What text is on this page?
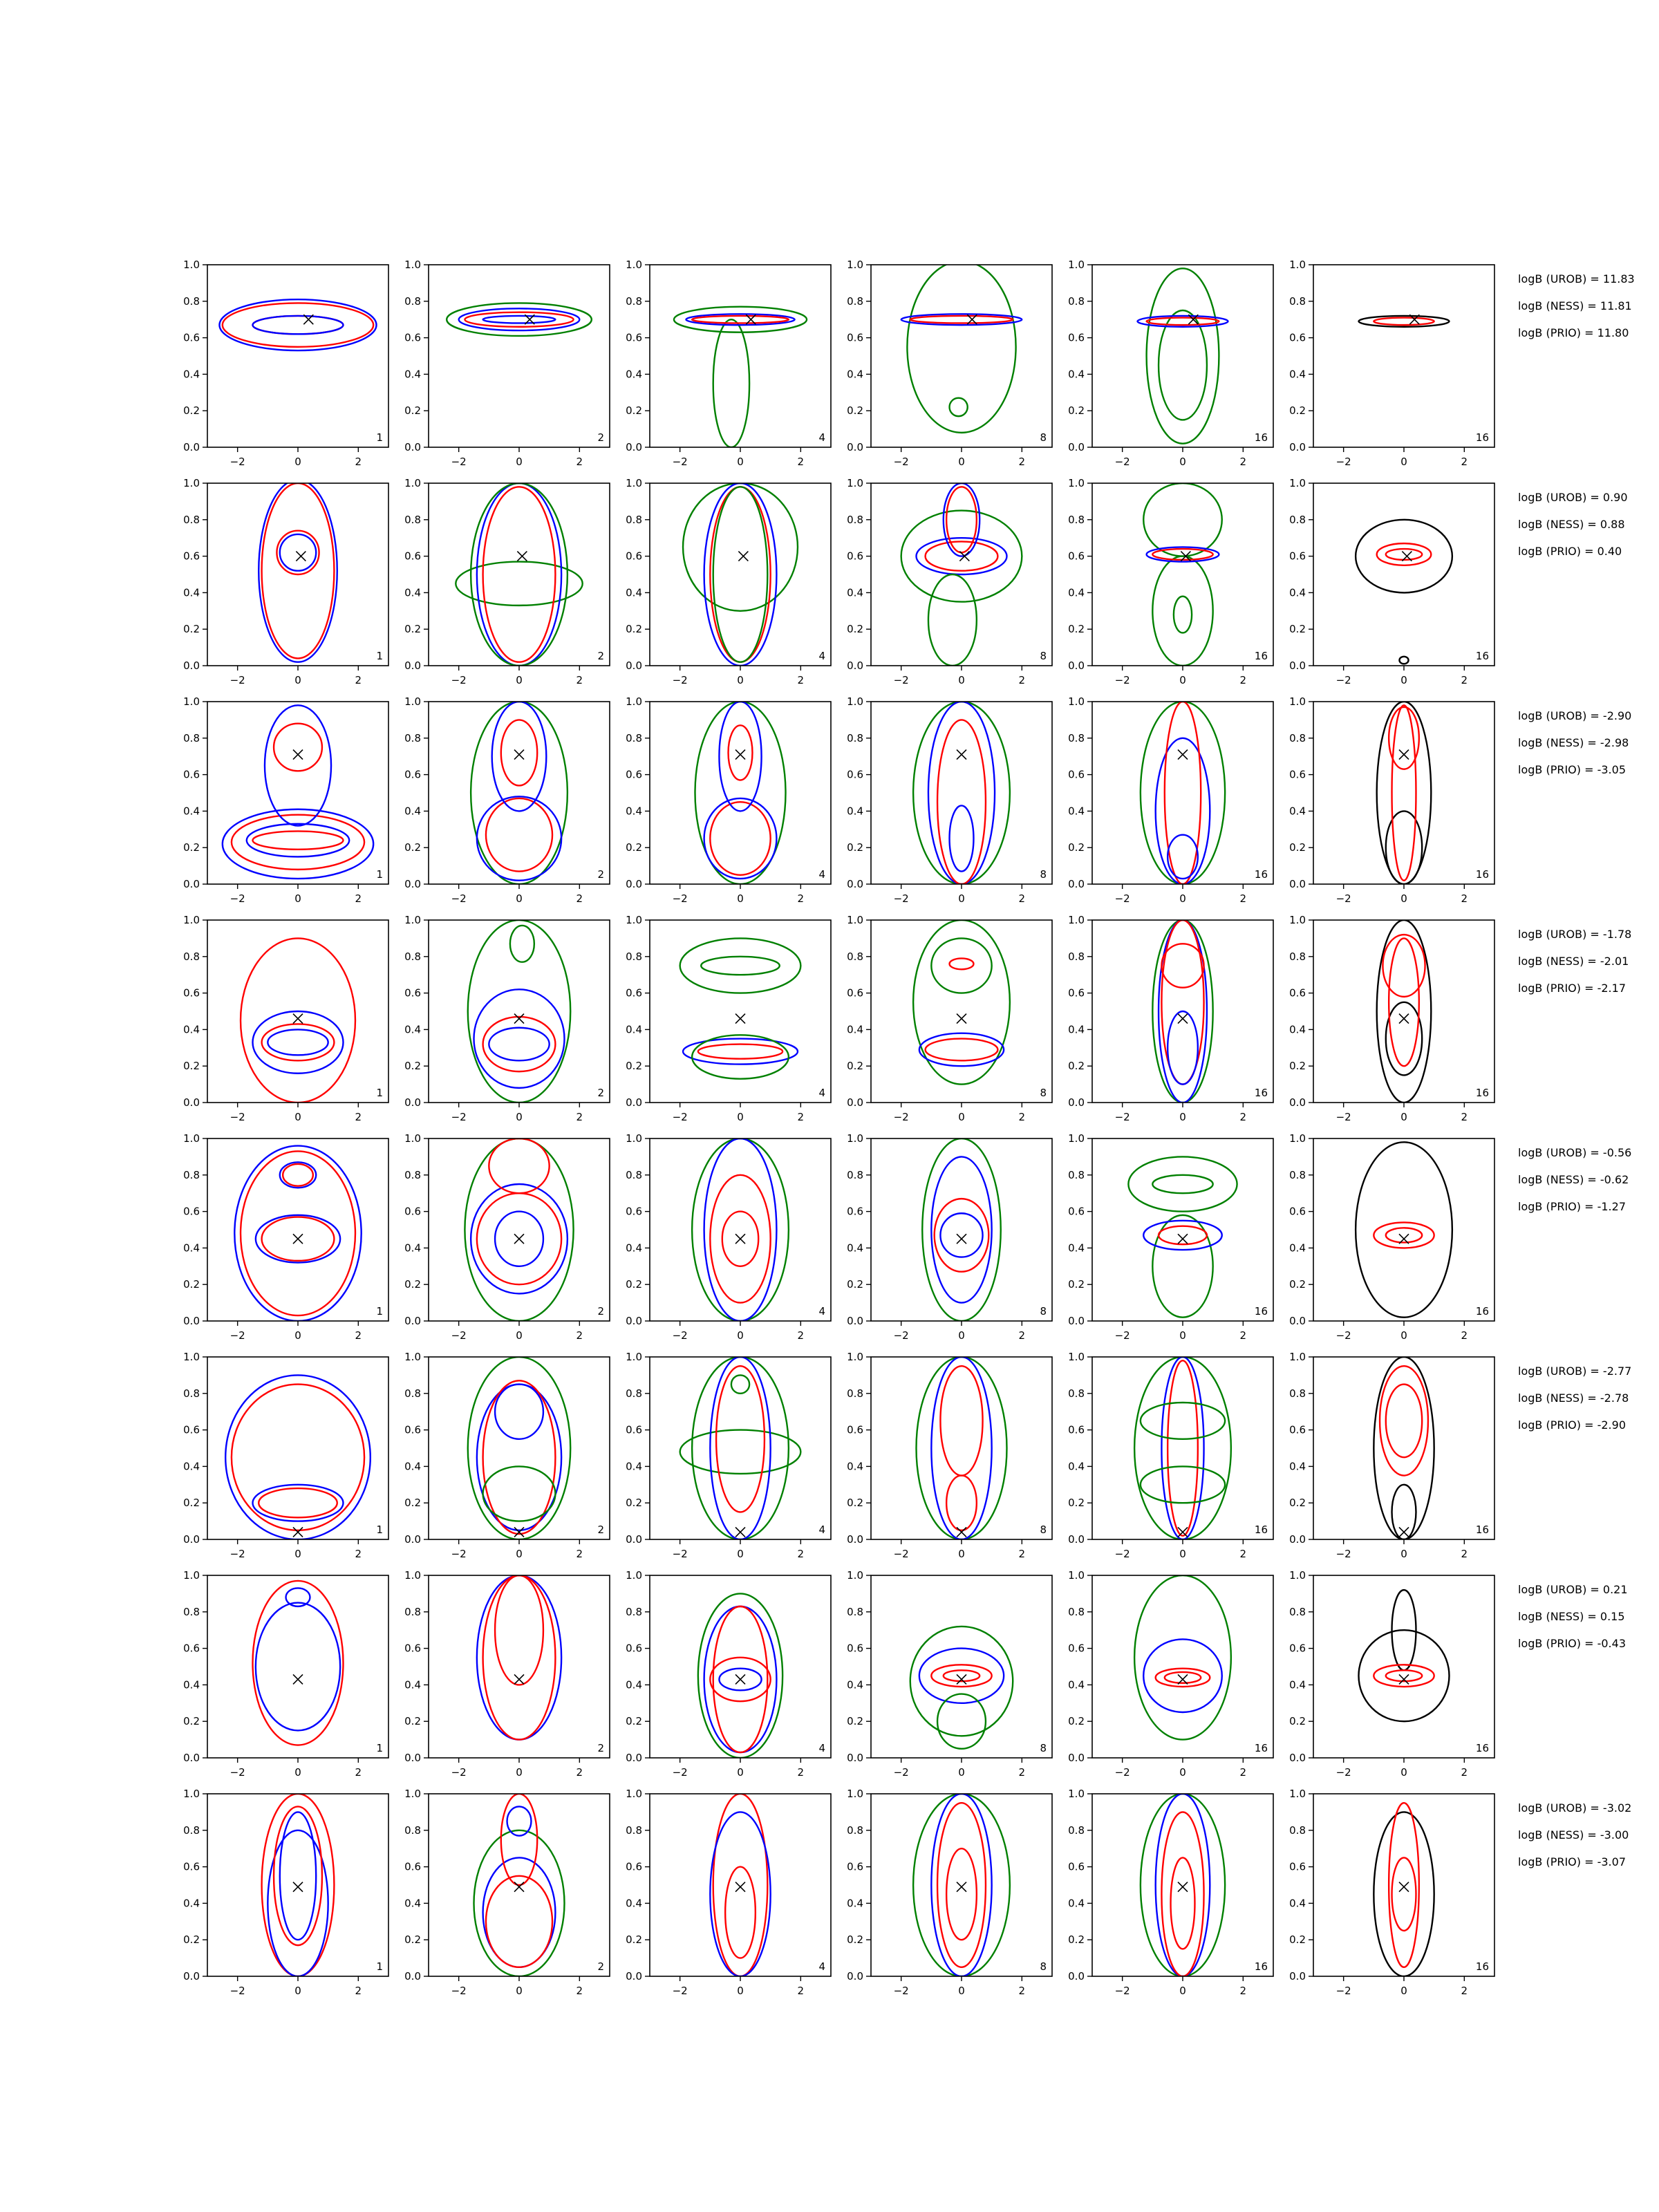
−2	0	2
0.0
0.2
0.4
0.6
0.8
1.0
1
−2	0	2
0.0
0.2
0.4
0.6
0.8
1.0
2
−2	0	2
0.0
0.2
0.4
0.6
0.8
1.0
4
−2	0	2
0.0
0.2
0.4
0.6
0.8
1.0
8
−2	0	2
0.0
0.2
0.4
0.6
0.8
1.0
16
−2	0	2
0.0
0.2
0.4
0.6
0.8
1.0
16
logB (UROB) = 11.83
logB (NESS) = 11.81
logB (PRIO) = 11.80
−2	0	2
0.0
0.2
0.4
0.6
0.8
1.0
1
−2	0	2
0.0
0.2
0.4
0.6
0.8
1.0
2
−2	0	2
0.0
0.2
0.4
0.6
0.8
1.0
4
−2	0	2
0.0
0.2
0.4
0.6
0.8
1.0
8
−2	0	2
0.0
0.2
0.4
0.6
0.8
1.0
16
−2	0	2
0.0
0.2
0.4
0.6
0.8
1.0
16
logB (UROB) = 0.90
logB (NESS) = 0.88
logB (PRIO) = 0.40
−2	0	2
0.0
0.2
0.4
0.6
0.8
1.0
1
−2	0	2
0.0
0.2
0.4
0.6
0.8
1.0
2
−2	0	2
0.0
0.2
0.4
0.6
0.8
1.0
4
−2	0	2
0.0
0.2
0.4
0.6
0.8
1.0
8
−2	0	2
0.0
0.2
0.4
0.6
0.8
1.0
16
−2	0	2
0.0
0.2
0.4
0.6
0.8
1.0
16
logB (UROB) = -2.90
logB (NESS) = -2.98
logB (PRIO) = -3.05
−2	0	2
0.0
0.2
0.4
0.6
0.8
1.0
1
−2	0	2
0.0
0.2
0.4
0.6
0.8
1.0
2
−2	0	2
0.0
0.2
0.4
0.6
0.8
1.0
4
−2	0	2
0.0
0.2
0.4
0.6
0.8
1.0
8
−2	0	2
0.0
0.2
0.4
0.6
0.8
1.0
16
−2	0	2
0.0
0.2
0.4
0.6
0.8
1.0
16
logB (UROB) = -1.78
logB (NESS) = -2.01
logB (PRIO) = -2.17
−2	0	2
0.0
0.2
0.4
0.6
0.8
1.0
1
−2	0	2
0.0
0.2
0.4
0.6
0.8
1.0
2
−2	0	2
0.0
0.2
0.4
0.6
0.8
1.0
4
−2	0	2
0.0
0.2
0.4
0.6
0.8
1.0
8
−2	0	2
0.0
0.2
0.4
0.6
0.8
1.0
16
−2	0	2
0.0
0.2
0.4
0.6
0.8
1.0
16
logB (UROB) = -0.56
logB (NESS) = -0.62
logB (PRIO) = -1.27
−2	0	2
0.0
0.2
0.4
0.6
0.8
1.0
1
−2	0	2
0.0
0.2
0.4
0.6
0.8
1.0
2
−2	0	2
0.0
0.2
0.4
0.6
0.8
1.0
4
−2	0	2
0.0
0.2
0.4
0.6
0.8
1.0
8
−2	0	2
0.0
0.2
0.4
0.6
0.8
1.0
16
−2	0	2
0.0
0.2
0.4
0.6
0.8
1.0
16
logB (UROB) = -2.77
logB (NESS) = -2.78
logB (PRIO) = -2.90
−2	0	2
0.0
0.2
0.4
0.6
0.8
1.0
1
−2	0	2
0.0
0.2
0.4
0.6
0.8
1.0
2
−2	0	2
0.0
0.2
0.4
0.6
0.8
1.0
4
−2	0	2
0.0
0.2
0.4
0.6
0.8
1.0
8
−2	0	2
0.0
0.2
0.4
0.6
0.8
1.0
16
−2	0	2
0.0
0.2
0.4
0.6
0.8
1.0
16
logB (UROB) = 0.21
logB (NESS) = 0.15
logB (PRIO) = -0.43
−2	0	2
0.0
0.2
0.4
0.6
0.8
1.0
1
−2	0	2
0.0
0.2
0.4
0.6
0.8
1.0
2
−2	0	2
0.0
0.2
0.4
0.6
0.8
1.0
4
−2	0	2
0.0
0.2
0.4
0.6
0.8
1.0
8
−2	0	2
0.0
0.2
0.4
0.6
0.8
1.0
16
−2	0	2
0.0
0.2
0.4
0.6
0.8
1.0
16
logB (UROB) = -3.02
logB (NESS) = -3.00
logB (PRIO) = -3.07
